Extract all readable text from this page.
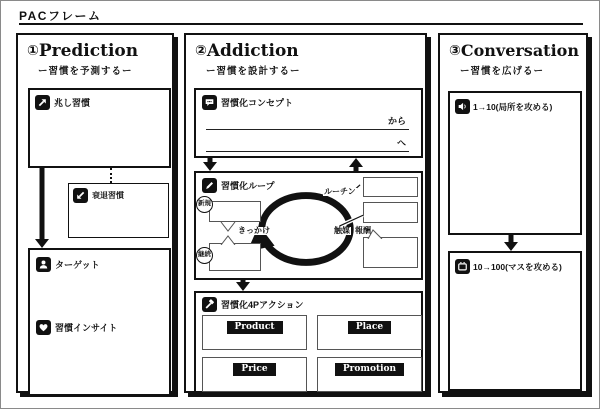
PACフレーム
①Prediction
ー習慣を予測するー
兆し習慣
衰退習慣
ターゲット
習慣インサイト
②Addiction
ー習慣を設計するー
習慣化コンセプト
から
へ
習慣化ループ
新規
きっかけ
継続
ルーチン
触媒 報酬
習慣化4Pアクション
Product	Place
Price	Promotion
③Conversation
ー習慣を広げるー
1→10(局所を攻める)
10→100(マスを攻める)
